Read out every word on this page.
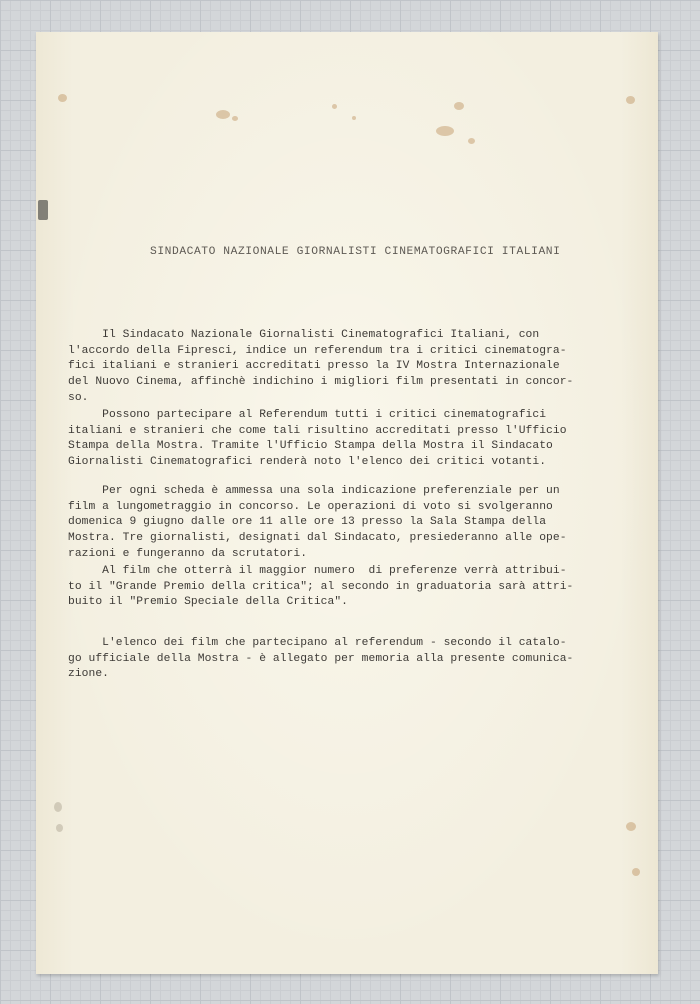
SINDACATO NAZIONALE GIORNALISTI CINEMATOGRAFICI ITALIANI

Il Sindacato Nazionale Giornalisti Cinematografici Italiani, con
l'accordo della Fipresci, indice un referendum tra i critici cinematogra-
fici italiani e stranieri accreditati presso la IV Mostra Internazionale
del Nuovo Cinema, affinchè indichino i migliori film presentati in concor-
so.

Possono partecipare al Referendum tutti i critici cinematografici
italiani e stranieri che come tali risultino accreditati presso l'Ufficio
Stampa della Mostra. Tramite l'Ufficio Stampa della Mostra il Sindacato
Giornalisti Cinematografici renderà noto l'elenco dei critici votanti.

Per ogni scheda è ammessa una sola indicazione preferenziale per un
film a lungometraggio in concorso. Le operazioni di voto si svolgeranno
domenica 9 giugno dalle ore 11 alle ore 13 presso la Sala Stampa della
Mostra. Tre giornalisti, designati dal Sindacato, presiederanno alle ope-
razioni e fungeranno da scrutatori.

Al film che otterrà il maggior numero  di preferenze verrà attribui-
to il "Grande Premio della critica"; al secondo in graduatoria sarà attri-
buito il "Premio Speciale della Critica".

L'elenco dei film che partecipano al referendum - secondo il catalo-
go ufficiale della Mostra - è allegato per memoria alla presente comunica-
zione.
